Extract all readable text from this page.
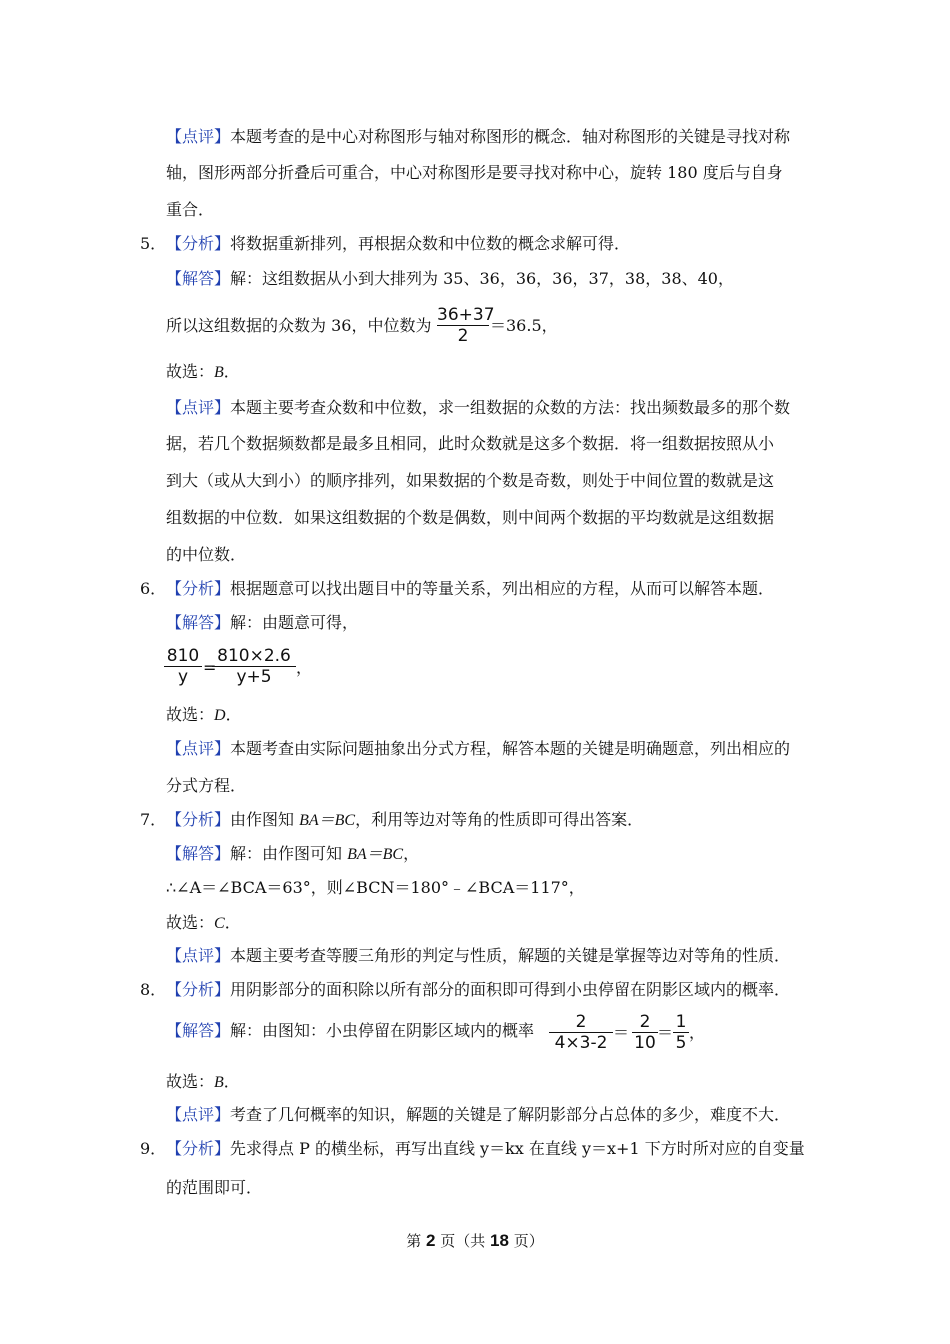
【点评】本题考查的是中心对称图形与轴对称图形的概念．轴对称图形的关键是寻找对称
轴，图形两部分折叠后可重合，中心对称图形是要寻找对称中心，旋转 180 度后与自身
重合．
5． 【分析】将数据重新排列，再根据众数和中位数的概念求解可得．
【解答】解：这组数据从小到大排列为 35、36，36，36，37，38，38、40，
所以这组数据的众数为 36，中位数为
36+37
2
＝36.5，
故选：B．
【点评】本题主要考查众数和中位数，求一组数据的众数的方法：找出频数最多的那个数
据，若几个数据频数都是最多且相同，此时众数就是这多个数据．将一组数据按照从小
到大（或从大到小）的顺序排列，如果数据的个数是奇数，则处于中间位置的数就是这
组数据的中位数．如果这组数据的个数是偶数，则中间两个数据的平均数就是这组数据
的中位数．
6． 【分析】根据题意可以找出题目中的等量关系，列出相应的方程，从而可以解答本题．
【解答】解：由题意可得，
810
y =
810×2.6
y+5	，
故选：D．
【点评】本题考查由实际问题抽象出分式方程，解答本题的关键是明确题意，列出相应的
分式方程．
7． 【分析】由作图知 BA＝BC，利用等边对等角的性质即可得出答案．
【解答】解：由作图可知 BA＝BC，
∴∠A＝∠BCA＝63°，则∠BCN＝180°﹣∠BCA＝117°，
故选：C．
【点评】本题主要考查等腰三角形的判定与性质，解题的关键是掌握等边对等角的性质．
8． 【分析】用阴影部分的面积除以所有部分的面积即可得到小虫停留在阴影区域内的概率．
【解答】解：由图知：小虫停留在阴影区域内的概率	2
4×3-2
＝
2
10
＝
1
5
，
故选：B．
【点评】考查了几何概率的知识，解题的关键是了解阴影部分占总体的多少，难度不大．
9． 【分析】先求得点 P 的横坐标，再写出直线 y＝kx 在直线 y＝x+1 下方时所对应的自变量
的范围即可．
第 2 页（共 18 页）
